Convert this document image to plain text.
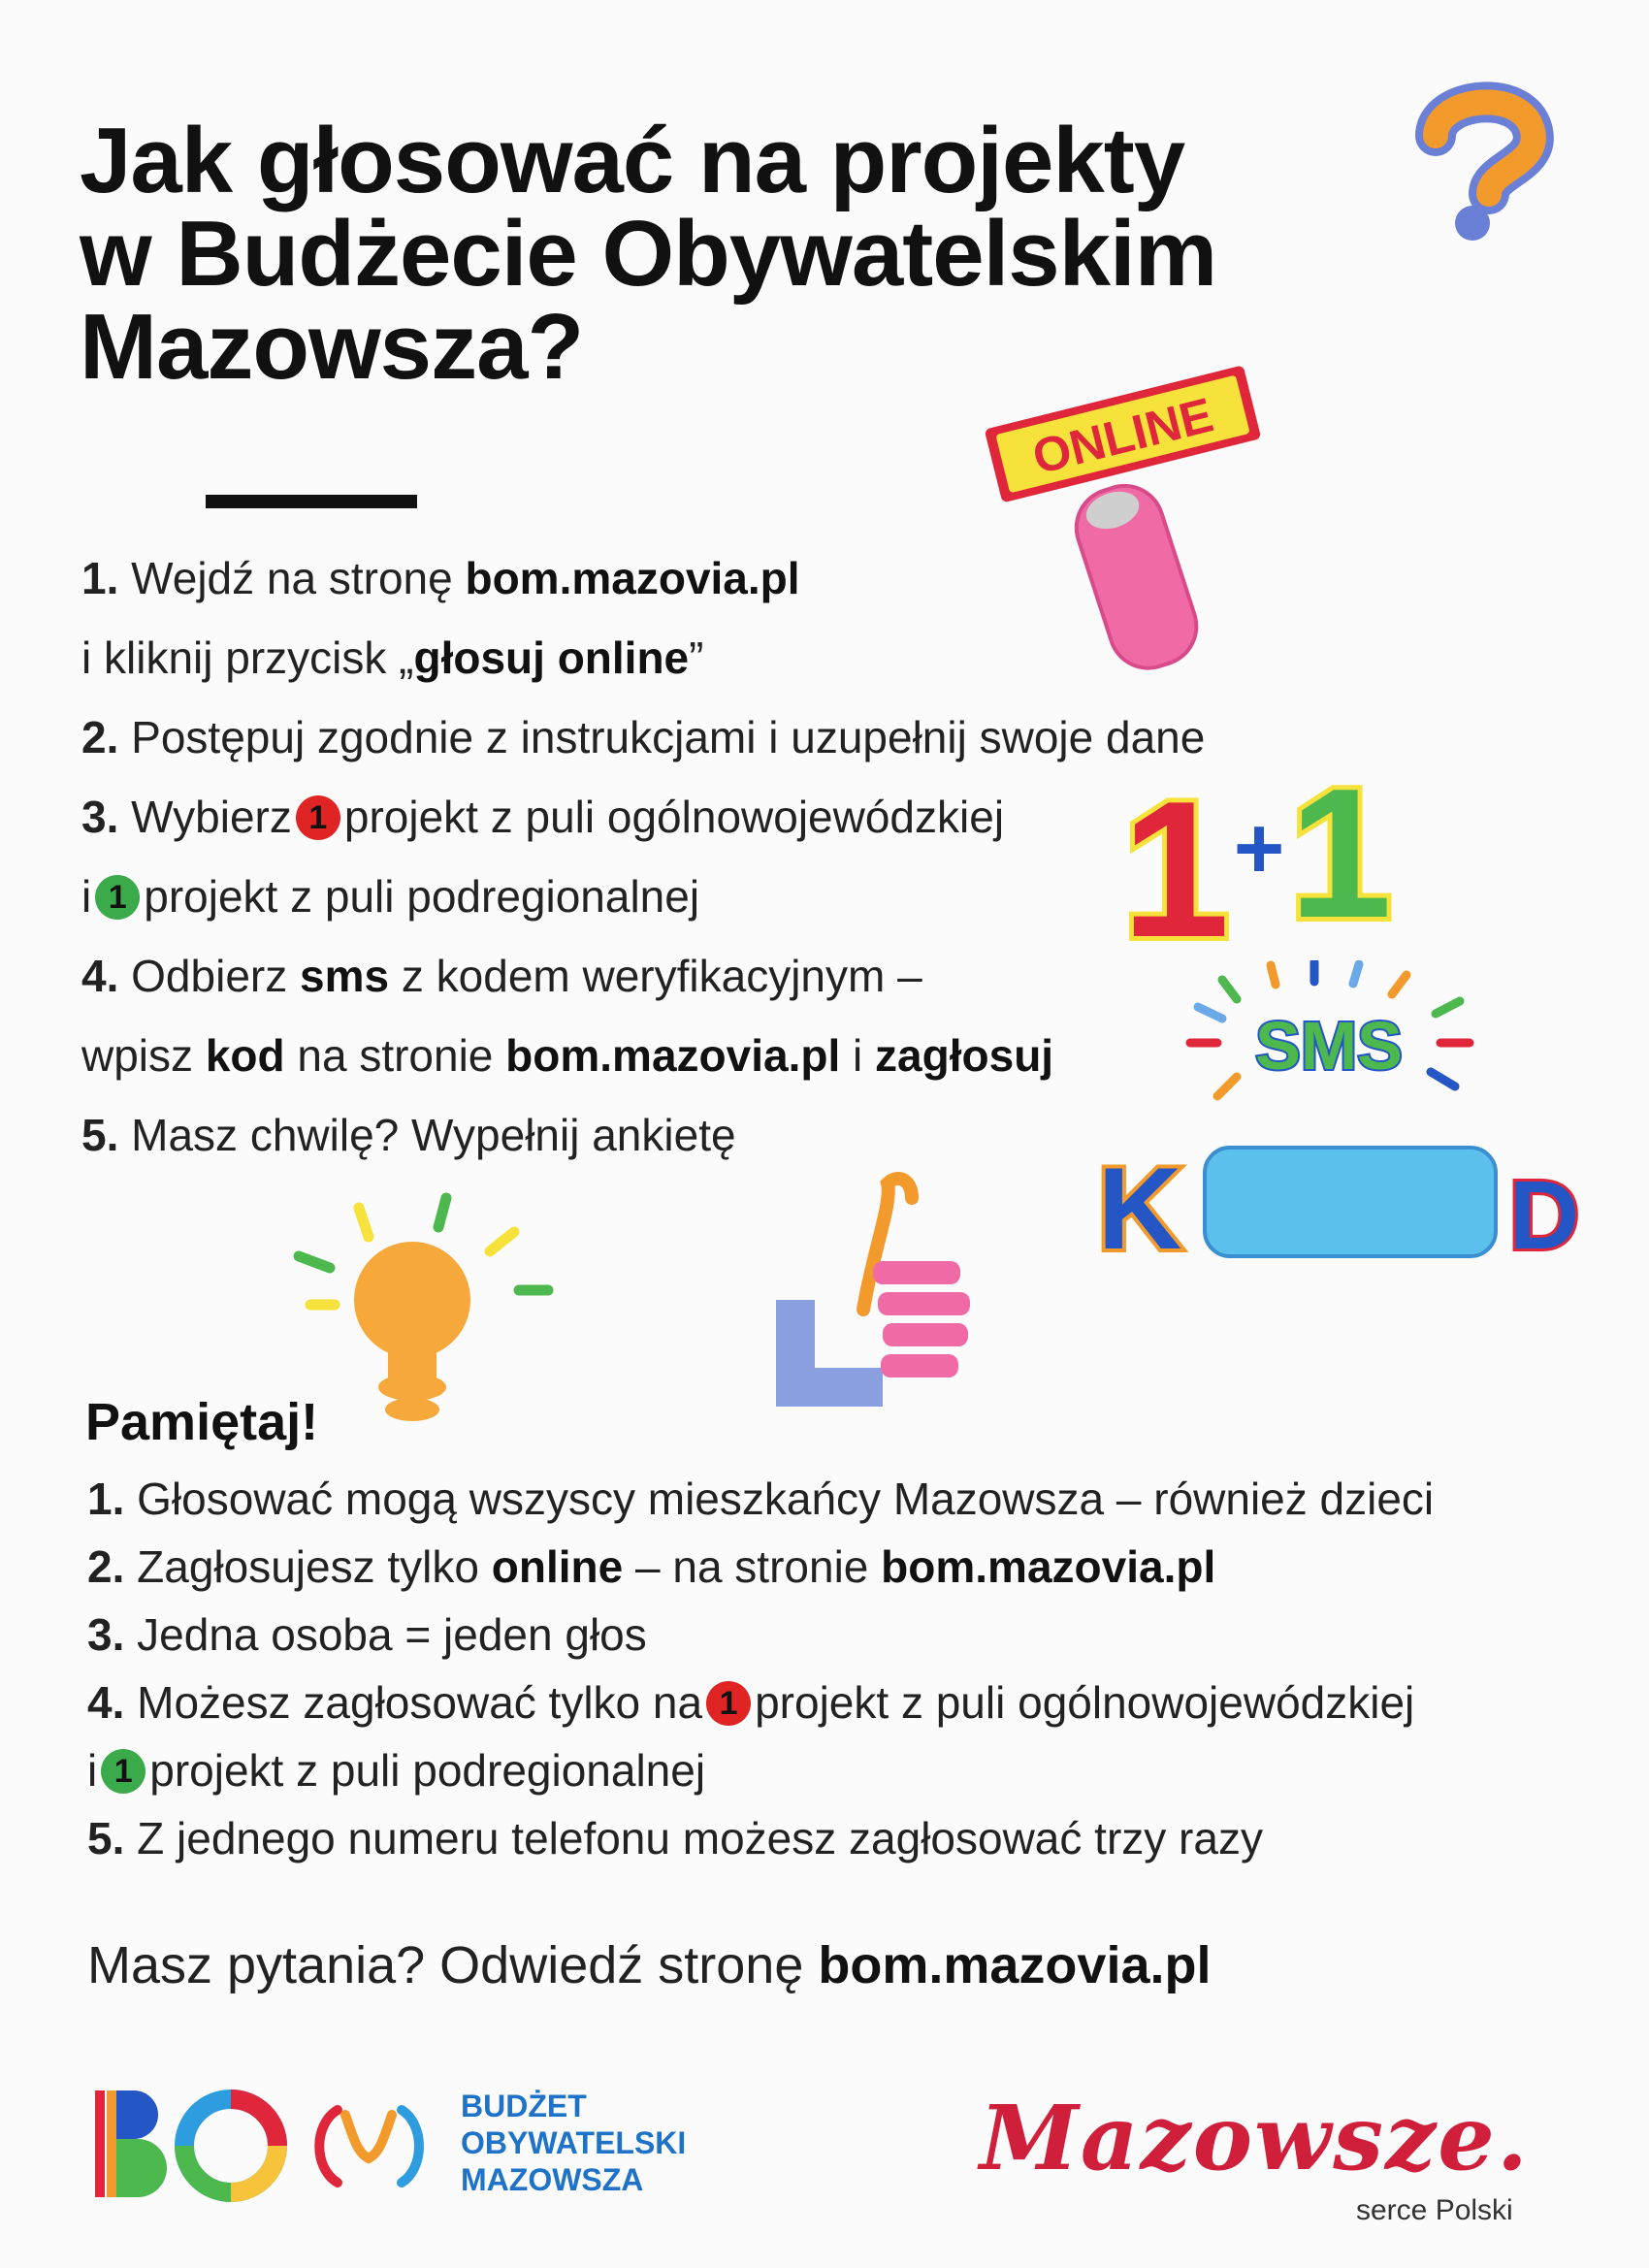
Jak głosować na projekty
w Budżecie Obywatelskim
Mazowsza?
ONLINE
1 + 1
SMS
K	D
1. Wejdź na stronę bom.mazovia.pl
i kliknij przycisk „głosuj online”
2. Postępuj zgodnie z instrukcjami i uzupełnij swoje dane
3. Wybierz 1 projekt z puli ogólnowojewódzkiej
i 1 projekt z puli podregionalnej
4. Odbierz sms z kodem weryfikacyjnym –
wpisz kod na stronie bom.mazovia.pl i zagłosuj
5. Masz chwilę? Wypełnij ankietę
Pamiętaj!
1. Głosować mogą wszyscy mieszkańcy Mazowsza – również dzieci
2. Zagłosujesz tylko online – na stronie bom.mazovia.pl
3. Jedna osoba = jeden głos
4. Możesz zagłosować tylko na 1 projekt z puli ogólnowojewódzkiej
i 1 projekt z puli podregionalnej
5. Z jednego numeru telefonu możesz zagłosować trzy razy
Masz pytania? Odwiedź stronę bom.mazovia.pl
BUDŻET
OBYWATELSKI
MAZOWSZA	Mazowsze.
serce Polski
